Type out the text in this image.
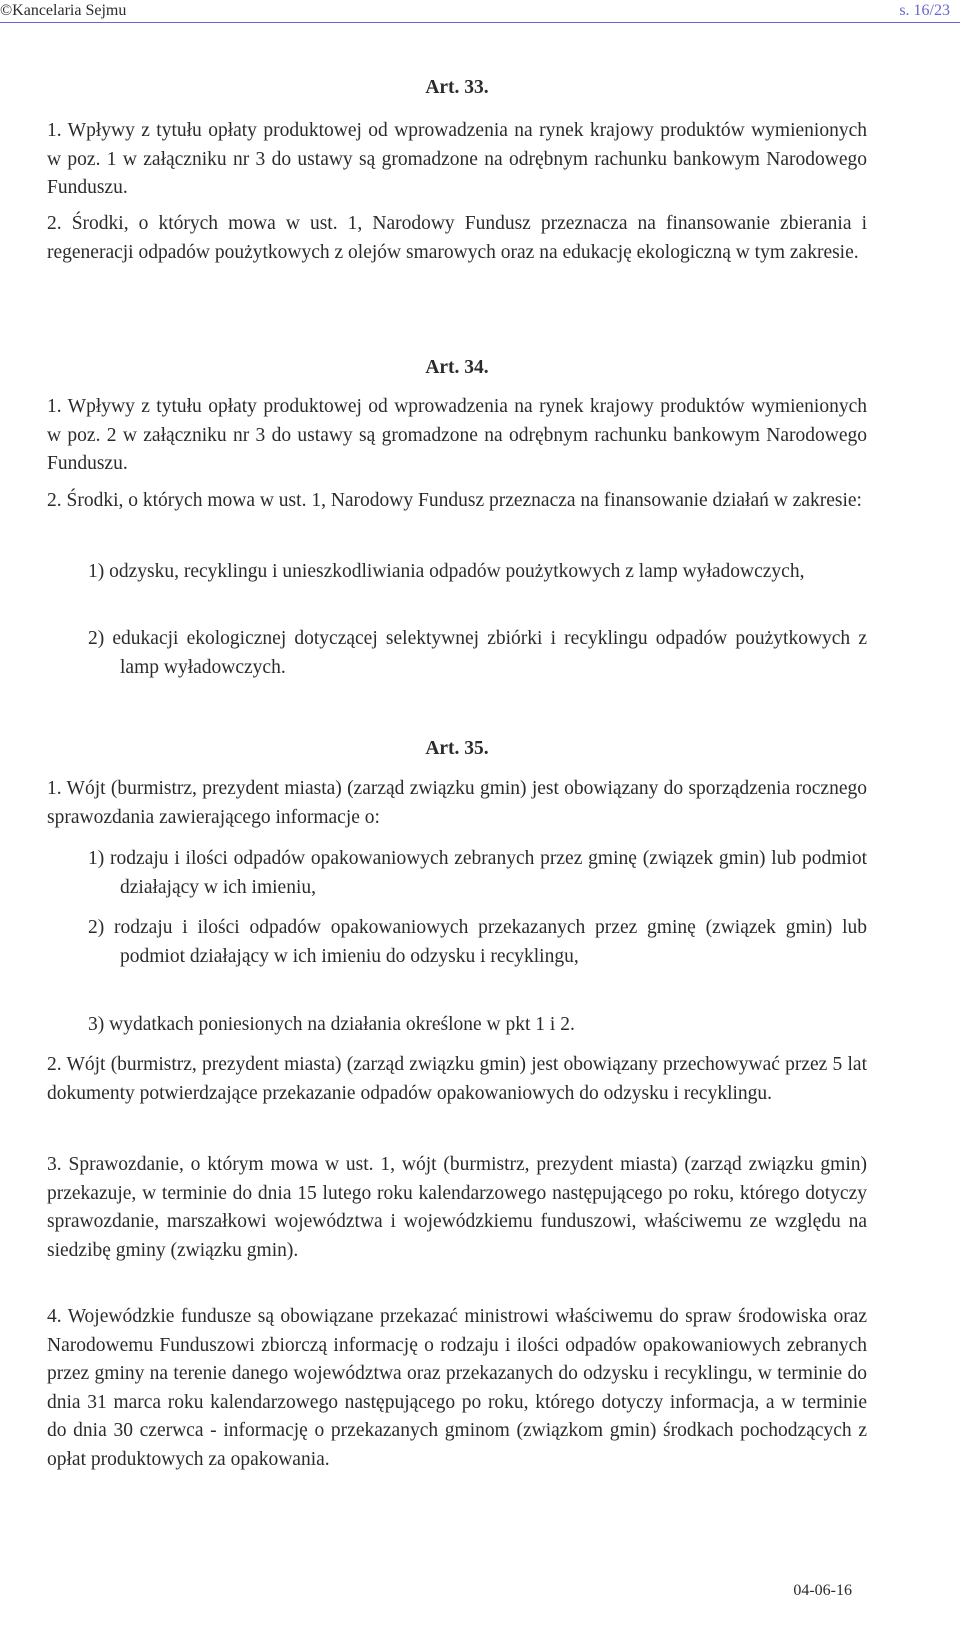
©Kancelaria Sejmu	s. 16/23
Art. 33.
1. Wpływy z tytułu opłaty produktowej od wprowadzenia na rynek krajowy produktów wymienionych w poz. 1 w załączniku nr 3 do ustawy są gromadzone na odrębnym rachunku bankowym Narodowego Funduszu.
2. Środki, o których mowa w ust. 1, Narodowy Fundusz przeznacza na finansowanie zbierania i regeneracji odpadów poużytkowych z olejów smarowych oraz na edukację ekologiczną w tym zakresie.
Art. 34.
1. Wpływy z tytułu opłaty produktowej od wprowadzenia na rynek krajowy produktów wymienionych w poz. 2 w załączniku nr 3 do ustawy są gromadzone na odrębnym rachunku bankowym Narodowego Funduszu.
2. Środki, o których mowa w ust. 1, Narodowy Fundusz przeznacza na finansowanie działań w zakresie:
1) odzysku, recyklingu i unieszkodliwiania odpadów poużytkowych z lamp wyładowczych,
2) edukacji ekologicznej dotyczącej selektywnej zbiórki i recyklingu odpadów poużytkowych z lamp wyładowczych.
Art. 35.
1. Wójt (burmistrz, prezydent miasta) (zarząd związku gmin) jest obowiązany do sporządzenia rocznego sprawozdania zawierającego informacje o:
1) rodzaju i ilości odpadów opakowaniowych zebranych przez gminę (związek gmin) lub podmiot działający w ich imieniu,
2) rodzaju i ilości odpadów opakowaniowych przekazanych przez gminę (związek gmin) lub podmiot działający w ich imieniu do odzysku i recyklingu,
3) wydatkach poniesionych na działania określone w pkt 1 i 2.
2. Wójt (burmistrz, prezydent miasta) (zarząd związku gmin) jest obowiązany przechowywać przez 5 lat dokumenty potwierdzające przekazanie odpadów opakowaniowych do odzysku i recyklingu.
3. Sprawozdanie, o którym mowa w ust. 1, wójt (burmistrz, prezydent miasta) (zarząd związku gmin) przekazuje, w terminie do dnia 15 lutego roku kalendarzowego następującego po roku, którego dotyczy sprawozdanie, marszałkowi województwa i wojewódzkiemu funduszowi, właściwemu ze względu na siedzibę gminy (związku gmin).
4. Wojewódzkie fundusze są obowiązane przekazać ministrowi właściwemu do spraw środowiska oraz Narodowemu Funduszowi zbiorczą informację o rodzaju i ilości odpadów opakowaniowych zebranych przez gminy na terenie danego województwa oraz przekazanych do odzysku i recyklingu, w terminie do dnia 31 marca roku kalendarzowego następującego po roku, którego dotyczy informacja, a w terminie do dnia 30 czerwca - informację o przekazanych gminom (związkom gmin) środkach pochodzących z opłat produktowych za opakowania.
04-06-16
